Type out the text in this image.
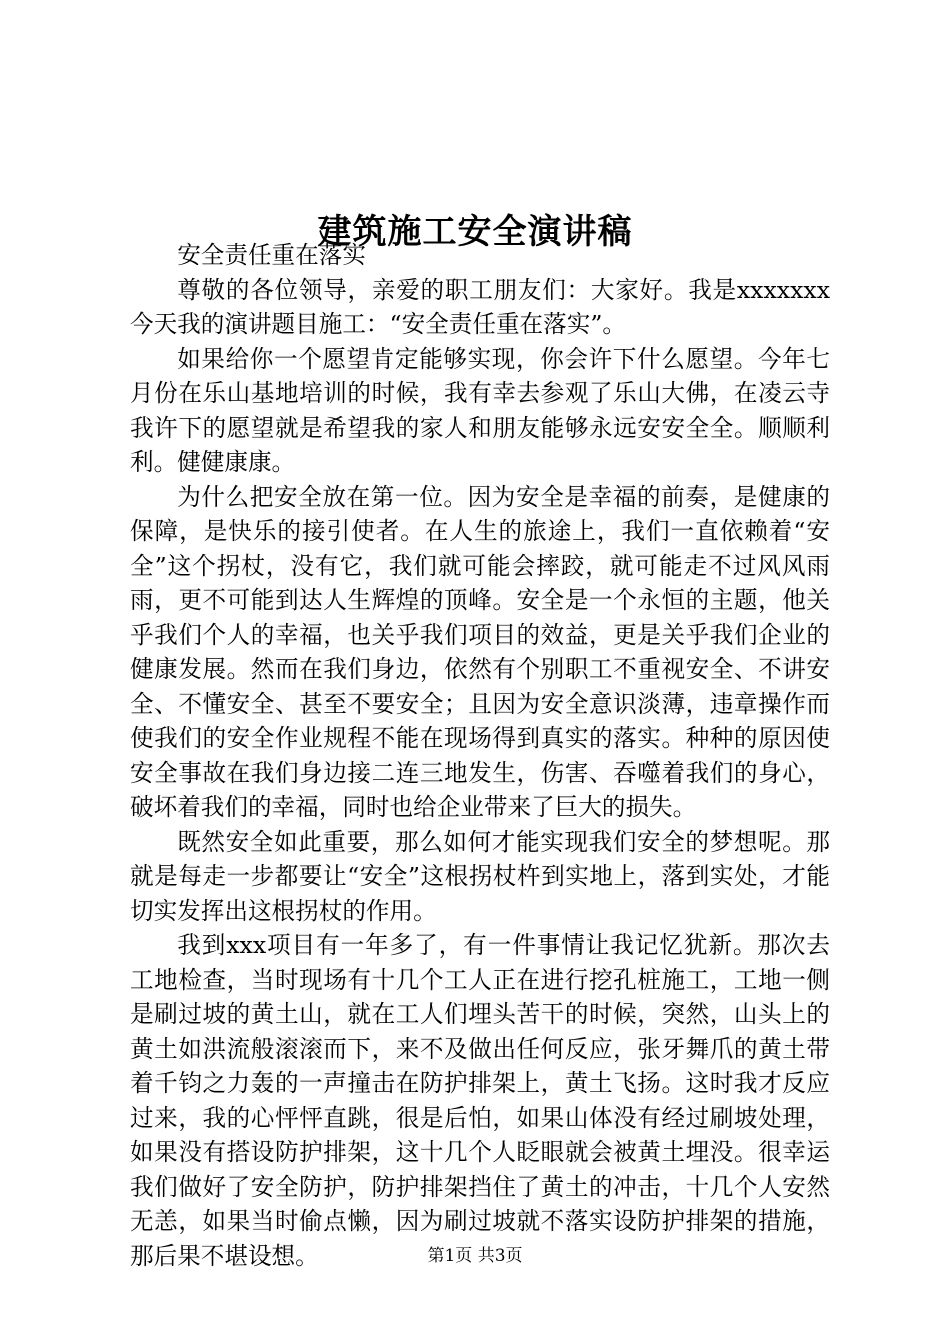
建筑施工安全演讲稿

安全责任重在落实

尊敬的各位领导，亲爱的职工朋友们：大家好。我是xxxxxxx今天我的演讲题目施工：“安全责任重在落实”。

如果给你一个愿望肯定能够实现，你会许下什么愿望。今年七月份在乐山基地培训的时候，我有幸去参观了乐山大佛，在凌云寺我许下的愿望就是希望我的家人和朋友能够永远安安全全。顺顺利利。健健康康。

为什么把安全放在第一位。因为安全是幸福的前奏，是健康的保障，是快乐的接引使者。在人生的旅途上，我们一直依赖着“安全”这个拐杖，没有它，我们就可能会摔跤，就可能走不过风风雨雨，更不可能到达人生辉煌的顶峰。安全是一个永恒的主题，他关乎我们个人的幸福，也关乎我们项目的效益，更是关乎我们企业的健康发展。然而在我们身边，依然有个别职工不重视安全、不讲安全、不懂安全、甚至不要安全；且因为安全意识淡薄，违章操作而使我们的安全作业规程不能在现场得到真实的落实。种种的原因使安全事故在我们身边接二连三地发生，伤害、吞噬着我们的身心，破坏着我们的幸福，同时也给企业带来了巨大的损失。

既然安全如此重要，那么如何才能实现我们安全的梦想呢。那就是每走一步都要让“安全”这根拐杖杵到实地上，落到实处，才能切实发挥出这根拐杖的作用。

我到xxx项目有一年多了，有一件事情让我记忆犹新。那次去工地检查，当时现场有十几个工人正在进行挖孔桩施工，工地一侧是刷过坡的黄土山，就在工人们埋头苦干的时候，突然，山头上的黄土如洪流般滚滚而下，来不及做出任何反应，张牙舞爪的黄土带着千钧之力轰的一声撞击在防护排架上，黄土飞扬。这时我才反应过来，我的心怦怦直跳，很是后怕，如果山体没有经过刷坡处理，如果没有搭设防护排架，这十几个人眨眼就会被黄土埋没。很幸运我们做好了安全防护，防护排架挡住了黄土的冲击，十几个人安然无恙，如果当时偷点懒，因为刷过坡就不落实设防护排架的措施，那后果不堪设想。	第1页 共3页
